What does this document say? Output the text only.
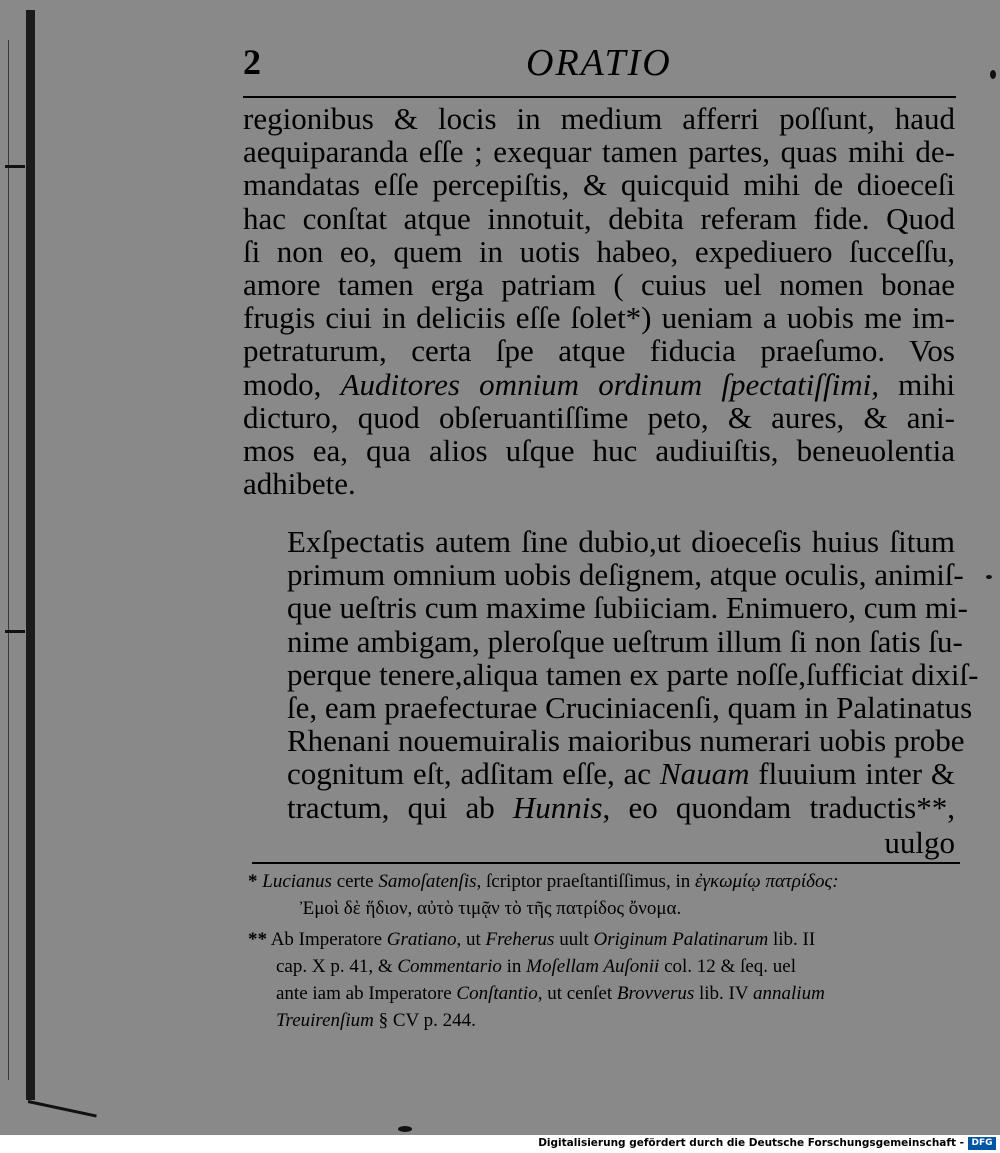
2	ORATIO

regionibus & locis in medium afferri poſſunt, haud
aequiparanda eſſe ; exequar tamen partes, quas mihi de-
mandatas eſſe percepiſtis, & quicquid mihi de dioeceſi
hac conſtat atque innotuit, debita referam fide. Quod
ſi non eo, quem in uotis habeo, expediuero ſucceſſu,
amore tamen erga patriam ( cuius uel nomen bonae
frugis ciui in deliciis eſſe ſolet*) ueniam a uobis me im-
petraturum, certa ſpe atque fiducia praeſumo. Vos
modo, Auditores omnium ordinum ſpectatiſſimi, mihi
dicturo, quod obſeruantiſſime peto, & aures, & ani-
mos ea, qua alios uſque huc audiuiſtis, beneuolentia
adhibete.

Exſpectatis autem ſine dubio,ut dioeceſis huius ſitum
primum omnium uobis deſignem, atque oculis, animiſ-
que ueſtris cum maxime ſubiiciam. Enimuero, cum mi-
nime ambigam, pleroſque ueſtrum illum ſi non ſatis ſu-
perque tenere,aliqua tamen ex parte noſſe,ſufficiat dixiſ-
ſe, eam praefecturae Cruciniacenſi, quam in Palatinatus
Rhenani nouemuiralis maioribus numerari uobis probe
cognitum eſt, adſitam eſſe, ac Nauam fluuium inter &
tractum, qui ab Hunnis, eo quondam traductis**,

uulgo

* Lucianus certe Samoſatenſis, ſcriptor praeſtantiſſimus, in ἐγκωμίῳ πατρίδος:
Ἐμοὶ δὲ ἥδιον, αὐτὸ τιμᾷν τὸ τῆς πατρίδος ὄνομα.

** Ab Imperatore Gratiano, ut Freherus uult Originum Palatinarum lib. II
cap. X p. 41, & Commentario in Moſellam Auſonii col. 12 & ſeq. uel
ante iam ab Imperatore Conſtantio, ut cenſet Brovverus lib. IV annalium
Treuirenſium § CV p. 244.

Digitalisierung gefördert durch die Deutsche Forschungsgemeinschaft - DFG
